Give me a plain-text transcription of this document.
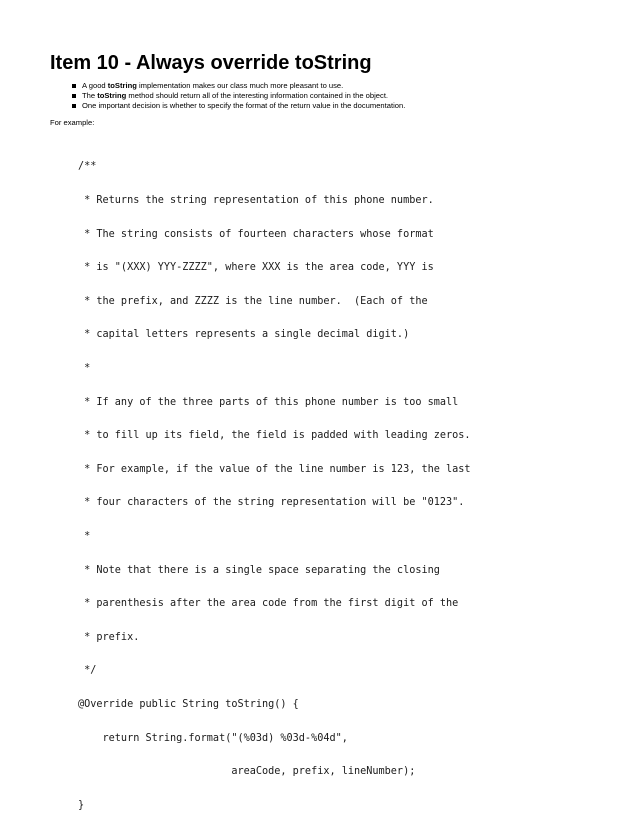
Item 10 - Always override toString
A good toString implementation makes our class much more pleasant to use.
The toString method should return all of the interesting information contained in the object.
One important decision is whether to specify the format of the return value in the documentation.

For example:

/**

* Returns the string representation of this phone number.

* The string consists of fourteen characters whose format

* is "(XXX) YYY-ZZZZ", where XXX is the area code, YYY is

* the prefix, and ZZZZ is the line number.  (Each of the

* capital letters represents a single decimal digit.)

*

* If any of the three parts of this phone number is too small

* to fill up its field, the field is padded with leading zeros.

* For example, if the value of the line number is 123, the last

* four characters of the string representation will be "0123".

*

* Note that there is a single space separating the closing

* parenthesis after the area code from the first digit of the

* prefix.

*/

@Override public String toString() {

return String.format("(%03d) %03d-%04d",

areaCode, prefix, lineNumber);

}
